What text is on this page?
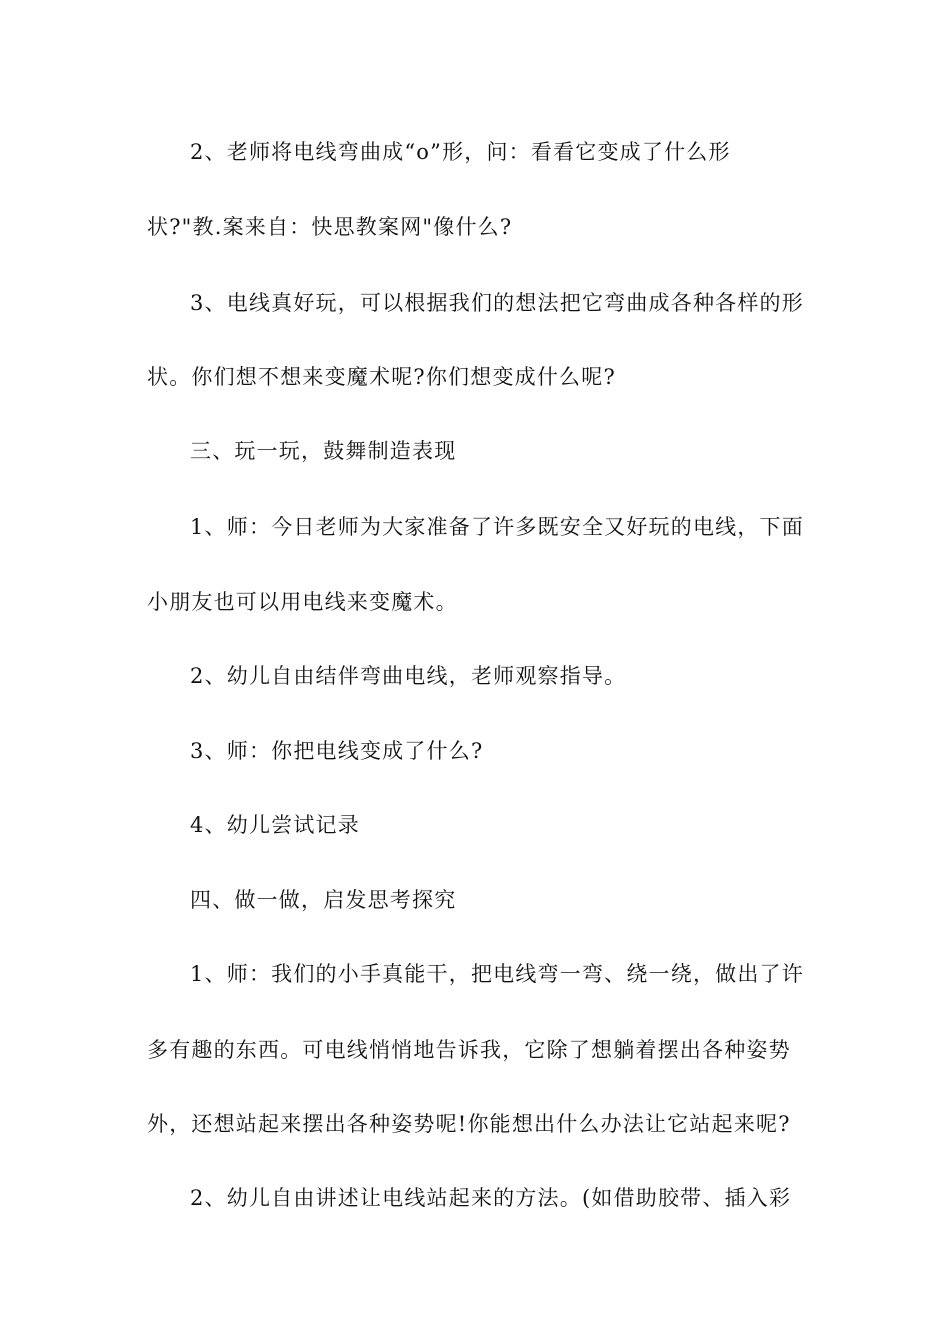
2、老师将电线弯曲成“o”形，问：看看它变成了什么形
状?"教.案来自：快思教案网"像什么?
3、电线真好玩，可以根据我们的想法把它弯曲成各种各样的形
状。你们想不想来变魔术呢?你们想变成什么呢?
三、玩一玩，鼓舞制造表现
1、师：今日老师为大家准备了许多既安全又好玩的电线，下面
小朋友也可以用电线来变魔术。
2、幼儿自由结伴弯曲电线，老师观察指导。
3、师：你把电线变成了什么?
4、幼儿尝试记录
四、做一做，启发思考探究
1、师：我们的小手真能干，把电线弯一弯、绕一绕，做出了许
多有趣的东西。可电线悄悄地告诉我，它除了想躺着摆出各种姿势
外，还想站起来摆出各种姿势呢!你能想出什么办法让它站起来呢?
2、幼儿自由讲述让电线站起来的方法。(如借助胶带、插入彩
